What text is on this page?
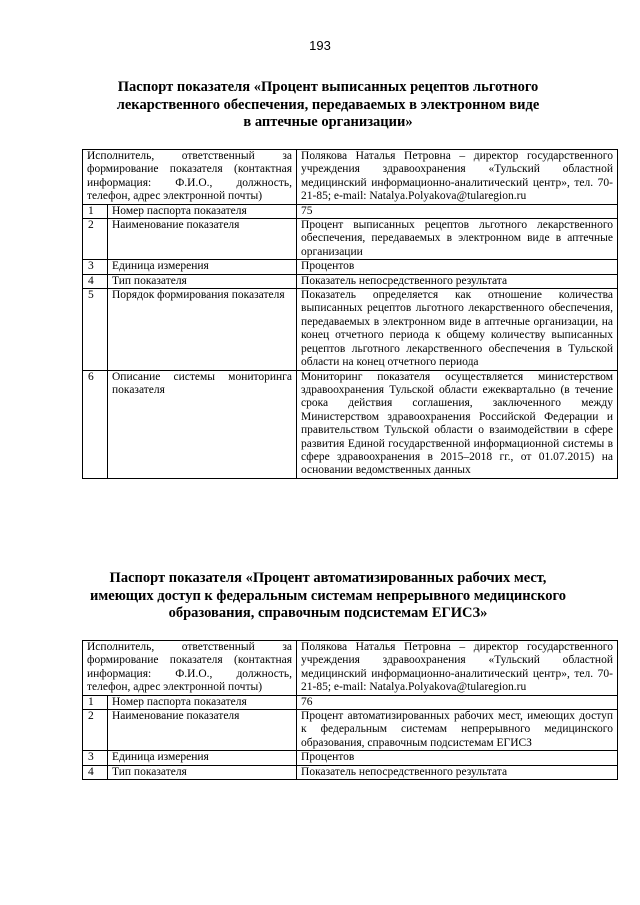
193
Паспорт показателя «Процент выписанных рецептов льготного
лекарственного обеспечения, передаваемых в электронном виде
в аптечные организации»
Исполнитель, ответственный за формирование показателя (контактная информация: Ф.И.О., должность, телефон, адрес электронной почты)		Полякова Наталья Петровна – директор государственного учреждения здравоохранения «Тульский областной медицинский информационно-аналитический центр», тел. 70-21-85; e-mail: Natalya.Polyakova@tularegion.ru
1	Номер паспорта показателя	75
2	Наименование показателя	Процент выписанных рецептов льготного лекарственного обеспечения, передаваемых в электронном виде в аптечные организации
3	Единица измерения	Процентов
4	Тип показателя	Показатель непосредственного результата
5	Порядок формирования показателя	Показатель определяется как отношение количества выписанных рецептов льготного лекарственного обеспечения, передаваемых в электронном виде в аптечные организации, на конец отчетного периода к общему количеству выписанных рецептов льготного лекарственного обеспечения в Тульской области на конец отчетного периода
6	Описание системы мониторинга показателя	Мониторинг показателя осуществляется министерством здравоохранения Тульской области ежеквартально (в течение срока действия соглашения, заключенного между Министерством здравоохранения Российской Федерации и правительством Тульской области о взаимодействии в сфере развития Единой государственной информационной системы в сфере здравоохранения в 2015–2018 гг., от 01.07.2015) на основании ведомственных данных
Паспорт показателя «Процент автоматизированных рабочих мест,
имеющих доступ к федеральным системам непрерывного медицинского
образования, справочным подсистемам ЕГИСЗ»
Исполнитель, ответственный за формирование показателя (контактная информация: Ф.И.О., должность, телефон, адрес электронной почты)		Полякова Наталья Петровна – директор государственного учреждения здравоохранения «Тульский областной медицинский информационно-аналитический центр», тел. 70-21-85; e-mail: Natalya.Polyakova@tularegion.ru
1	Номер паспорта показателя	76
2	Наименование показателя	Процент автоматизированных рабочих мест, имеющих доступ к федеральным системам непрерывного медицинского образования, справочным подсистемам ЕГИСЗ
3	Единица измерения	Процентов
4	Тип показателя	Показатель непосредственного результата
